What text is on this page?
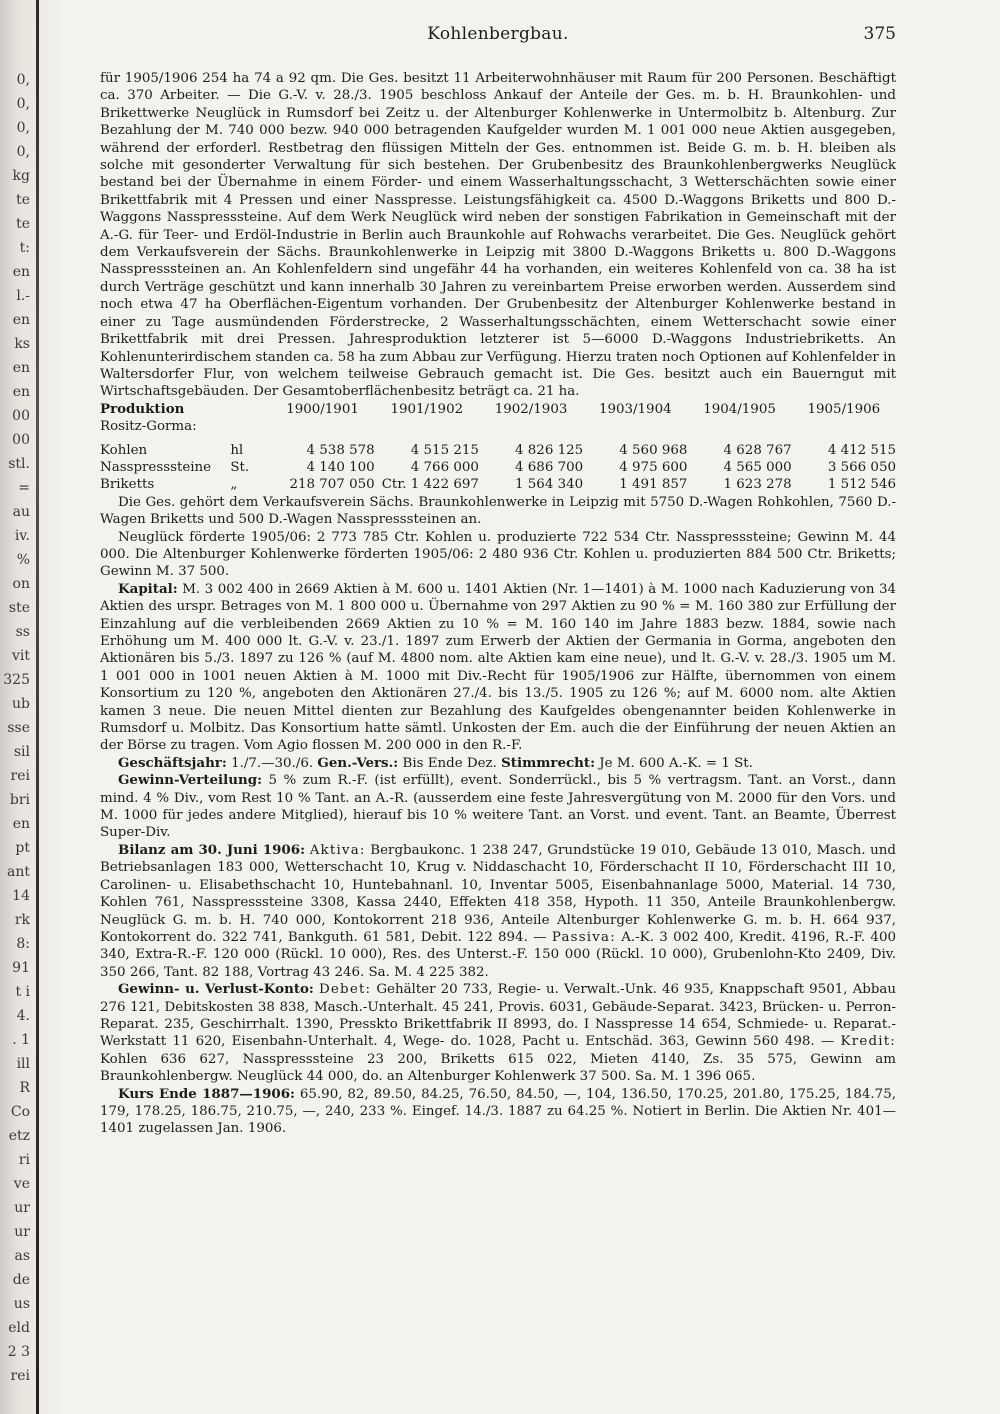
0,
0,
0,
0,
kg
te
te
t:
en
l.-
en
ks
en
en
00
00
stl.
=
au
iv.
%
on
ste
ss
vit
325
ub
sse
sil
rei
bri
en
pt
ant
14
rk
8:
91
t i
4.
. 1
ill
R
Co
etz
ri
ve
ur
ur
as
de
us
eld
2 3
rei
Kohlenbergbau.	375

für 1905/1906 254 ha 74 a 92 qm. Die Ges. besitzt 11 Arbeiterwohnhäuser mit Raum für 200 Personen. Beschäftigt ca. 370 Arbeiter. — Die G.-V. v. 28./3. 1905 beschloss Ankauf der Anteile der Ges. m. b. H. Braunkohlen- und Brikettwerke Neuglück in Rumsdorf bei Zeitz u. der Altenburger Kohlenwerke in Untermolbitz b. Altenburg. Zur Bezahlung der M. 740 000 bezw. 940 000 betragenden Kaufgelder wurden M. 1 001 000 neue Aktien ausgegeben, während der erforderl. Restbetrag den flüssigen Mitteln der Ges. entnommen ist. Beide G. m. b. H. bleiben als solche mit gesonderter Verwaltung für sich bestehen. Der Grubenbesitz des Braunkohlenbergwerks Neuglück bestand bei der Übernahme in einem Förder- und einem Wasserhaltungsschacht, 3 Wetterschächten sowie einer Brikettfabrik mit 4 Pressen und einer Nasspresse. Leistungsfähigkeit ca. 4500 D.-Waggons Briketts und 800 D.-Waggons Nasspresssteine. Auf dem Werk Neuglück wird neben der sonstigen Fabrikation in Gemeinschaft mit der A.-G. für Teer- und Erdöl-Industrie in Berlin auch Braunkohle auf Rohwachs verarbeitet. Die Ges. Neuglück gehört dem Verkaufsverein der Sächs. Braunkohlenwerke in Leipzig mit 3800 D.-Waggons Briketts u. 800 D.-Waggons Nasspresssteinen an. An Kohlenfeldern sind ungefähr 44 ha vorhanden, ein weiteres Kohlenfeld von ca. 38 ha ist durch Verträge geschützt und kann innerhalb 30 Jahren zu vereinbartem Preise erworben werden. Ausserdem sind noch etwa 47 ha Oberflächen-Eigentum vorhanden. Der Grubenbesitz der Altenburger Kohlenwerke bestand in einer zu Tage ausmündenden Förderstrecke, 2 Wasserhaltungsschächten, einem Wetterschacht sowie einer Brikettfabrik mit drei Pressen. Jahresproduktion letzterer ist 5—6000 D.-Waggons Industriebriketts. An Kohlenunterirdischem standen ca. 58 ha zum Abbau zur Verfügung. Hierzu traten noch Optionen auf Kohlenfelder in Waltersdorfer Flur, von welchem teilweise Gebrauch gemacht ist. Die Ges. besitzt auch ein Bauerngut mit Wirtschaftsgebäuden. Der Gesamtoberflächenbesitz beträgt ca. 21 ha.

Produktion		1900/1901	1901/1902	1902/1903	1903/1904	1904/1905	1905/1906
Rositz-Gorma:							

Kohlen	hl	4 538 578	4 515 215	4 826 125	4 560 968	4 628 767	4 412 515
Nasspresssteine	St.	4 140 100	4 766 000	4 686 700	4 975 600	4 565 000	3 566 050
Briketts	„	218 707 050	Ctr. 1 422 697	1 564 340	1 491 857	1 623 278	1 512 546

Die Ges. gehört dem Verkaufsverein Sächs. Braunkohlenwerke in Leipzig mit 5750 D.-Wagen Rohkohlen, 7560 D.-Wagen Briketts und 500 D.-Wagen Nasspresssteinen an.

Neuglück förderte 1905/06: 2 773 785 Ctr. Kohlen u. produzierte 722 534 Ctr. Nasspresssteine; Gewinn M. 44 000. Die Altenburger Kohlenwerke förderten 1905/06: 2 480 936 Ctr. Kohlen u. produzierten 884 500 Ctr. Briketts; Gewinn M. 37 500.

Kapital: M. 3 002 400 in 2669 Aktien à M. 600 u. 1401 Aktien (Nr. 1—1401) à M. 1000 nach Kaduzierung von 34 Aktien des urspr. Betrages von M. 1 800 000 u. Übernahme von 297 Aktien zu 90 % = M. 160 380 zur Erfüllung der Einzahlung auf die verbleibenden 2669 Aktien zu 10 % = M. 160 140 im Jahre 1883 bezw. 1884, sowie nach Erhöhung um M. 400 000 lt. G.-V. v. 23./1. 1897 zum Erwerb der Aktien der Germania in Gorma, angeboten den Aktionären bis 5./3. 1897 zu 126 % (auf M. 4800 nom. alte Aktien kam eine neue), und lt. G.-V. v. 28./3. 1905 um M. 1 001 000 in 1001 neuen Aktien à M. 1000 mit Div.-Recht für 1905/1906 zur Hälfte, übernommen von einem Konsortium zu 120 %, angeboten den Aktionären 27./4. bis 13./5. 1905 zu 126 %; auf M. 6000 nom. alte Aktien kamen 3 neue. Die neuen Mittel dienten zur Bezahlung des Kaufgeldes obengenannter beiden Kohlenwerke in Rumsdorf u. Molbitz. Das Konsortium hatte sämtl. Unkosten der Em. auch die der Einführung der neuen Aktien an der Börse zu tragen. Vom Agio flossen M. 200 000 in den R.-F.

Geschäftsjahr: 1./7.—30./6. Gen.-Vers.: Bis Ende Dez. Stimmrecht: Je M. 600 A.-K. = 1 St.

Gewinn-Verteilung: 5 % zum R.-F. (ist erfüllt), event. Sonderrückl., bis 5 % vertragsm. Tant. an Vorst., dann mind. 4 % Div., vom Rest 10 % Tant. an A.-R. (ausserdem eine feste Jahresvergütung von M. 2000 für den Vors. und M. 1000 für jedes andere Mitglied), hierauf bis 10 % weitere Tant. an Vorst. und event. Tant. an Beamte, Überrest Super-Div.

Bilanz am 30. Juni 1906: Aktiva: Bergbaukonc. 1 238 247, Grundstücke 19 010, Gebäude 13 010, Masch. und Betriebsanlagen 183 000, Wetterschacht 10, Krug v. Niddaschacht 10, Förderschacht II 10, Förderschacht III 10, Carolinen- u. Elisabethschacht 10, Huntebahnanl. 10, Inventar 5005, Eisenbahnanlage 5000, Material. 14 730, Kohlen 761, Nasspresssteine 3308, Kassa 2440, Effekten 418 358, Hypoth. 11 350, Anteile Braunkohlenbergw. Neuglück G. m. b. H. 740 000, Kontokorrent 218 936, Anteile Altenburger Kohlenwerke G. m. b. H. 664 937, Kontokorrent do. 322 741, Bankguth. 61 581, Debit. 122 894. — Passiva: A.-K. 3 002 400, Kredit. 4196, R.-F. 400 340, Extra-R.-F. 120 000 (Rückl. 10 000), Res. des Unterst.-F. 150 000 (Rückl. 10 000), Grubenlohn-Kto 2409, Div. 350 266, Tant. 82 188, Vortrag 43 246. Sa. M. 4 225 382.

Gewinn- u. Verlust-Konto: Debet: Gehälter 20 733, Regie- u. Verwalt.-Unk. 46 935, Knappschaft 9501, Abbau 276 121, Debitskosten 38 838, Masch.-Unterhalt. 45 241, Provis. 6031, Gebäude-Separat. 3423, Brücken- u. Perron-Reparat. 235, Geschirrhalt. 1390, Presskto Brikettfabrik II 8993, do. I Nasspresse 14 654, Schmiede- u. Reparat.-Werkstatt 11 620, Eisenbahn-Unterhalt. 4, Wege- do. 1028, Pacht u. Entschäd. 363, Gewinn 560 498. — Kredit: Kohlen 636 627, Nasspresssteine 23 200, Briketts 615 022, Mieten 4140, Zs. 35 575, Gewinn am Braunkohlenbergw. Neuglück 44 000, do. an Altenburger Kohlenwerk 37 500. Sa. M. 1 396 065.

Kurs Ende 1887—1906: 65.90, 82, 89.50, 84.25, 76.50, 84.50, —, 104, 136.50, 170.25, 201.80, 175.25, 184.75, 179, 178.25, 186.75, 210.75, —, 240, 233 %. Eingef. 14./3. 1887 zu 64.25 %. Notiert in Berlin. Die Aktien Nr. 401—1401 zugelassen Jan. 1906.
